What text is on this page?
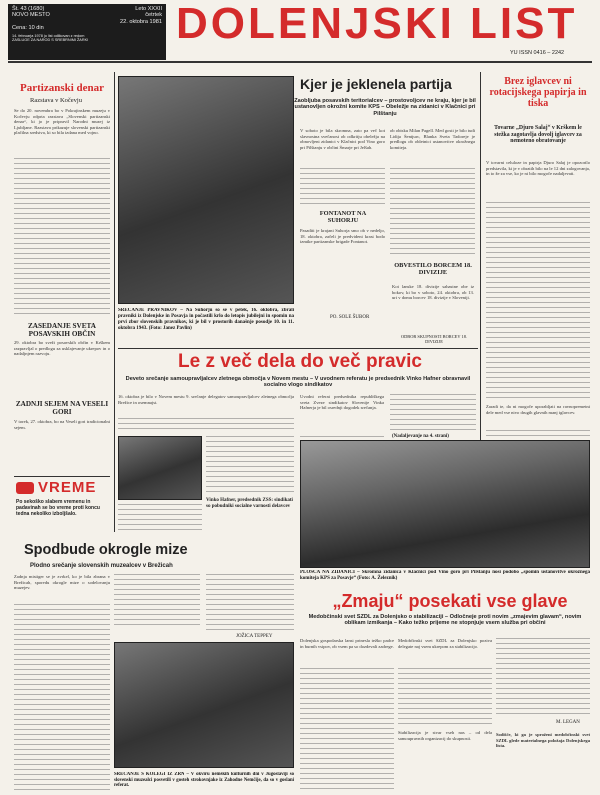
Št. 43 (1680)	Leto XXXII
NOVO MESTO	četrtek
22. oktobra 1981
Cena: 10 din
14. februarja 1978 jo list odlikovan z redom
ZASLUGE ZA NAROD S SREBRNIMI ŽARKI	DOLENJSKI LIST
YU ISSN 0416 – 2242
Partizanski denar
Razstava v Kočevju
Se do 20. novembra bo v Pokrajinskem muzeju v Kočevju odprta razstava „Slovenski partizanski denar“, ki jo je pripravil Narodni muzej iz Ljubljane. Razstava prikazuje slovenski partizanski plačilna sredstva, ki so bila izdana med vojno.
ZASEDANJE SVETA POSAVSKIH OBČIN
29. oktobra bo sveži posavskih občin v Krškem razpravljal o predlogu za usklajevanje ukrepov in o nadaljnjem razvoju.
ZADNJI SEJEM NA VESELI GORI
V torek, 27. oktobra, bo na Veseli gori tradicionalni sejem.
VREME
Po sekoško slabem vremenu in padavinah se bo vreme proti koncu tedna nekoliko izboljšalo.
Kjer je jeklenela partija
Zaobljuba posavskih teritorialcev – prostovoljcev ne kraju, kjer je bil ustanovljen okrožni komite KPS – Obeležje na zidanici v Klačnici pri Pilštanju
V soboto je bila skromna, zato pa več kot slavnostna svečanost ob odkritju obeležja na obnovljeni zidanici v Klačnici pod Vino goro pri Pilštanju v občini Šmarje pri Jelšah.
ob obisku Milan Pagell. Med gosti je bilo tudi Lidija Šentjurc, Blanka Sveta Tadoreje je predlogu ob obletnici ustanovitve okrožnega komiteja.
FONTANOT NA SUHORJU
Pasaditi je krajani Suhorja smo ob v nedeljo, 18. oktobra, začeli je predvideni krast bodo izmike partizanske brigade Fontanot.
PO. SOLE ŠUBOR
SREČANJE PRAVNIKOV – Na Suhorju so se v petek, 16. oktobra, zbrali pravniki iz Dolenjske in Posavja in počastili krlo do letopis jubilejni in spomin na prvi zbor slovenskih pravnikov, ki je bil v prostorih današnje posodje 10. in 11. oktobra 1943. (Foto: Janez Pavlin)
OBVESTILO BORCEM 18. DIVIZIJE
Kot lanske 18. divizije sahastne obe iz bokov, ki bo v soboto, 24. oktobra, ob 13. uri v domu borcev 18. divizije v Sloveniji.
ODBOR SKUPNOSTI BORCEV 18. DIVIZIJE
Brez iglavcev ni rotacijskega papirja in tiska
Tovarne „Djuro Salaj“ v Krškem le stežka zagotavlja dovolj iglavcev za nemoteno obratovanje
V tovarni celuloze in papirja Djuro Salaj je opozorilo predstavila, ki je v obratih bilo na le 12 dni zalogovanja, in to že za vse, ko je ni bilo mogoče nadaljevati.
Zaradi te, da ni mogoče uporabljati na ravnopremetni dele med vse nivo drugih glavnih manj iglavcev.
Le z več dela do več pravic
Deveto srečanje samoupravljalcev zletnega območja v Novem mestu – V uvodnem referatu je predsednik Vinko Hafner obravnavil socialno vlogo sindikatov
16. oktobra je bilo v Novem mestu 9. srečanje delegatov samoupravljalcev zletnega območja Brežice in osemnajst.
Vinko Hafner, predsednik ZSS: sindikati so pobudniki socialne varnosti delavcev
Uvodni referat predsednika republiškega sveta Zveze sindikatov Slovenije Vinka Hafnerja je bil osrednji dogodek srečanja.
(Nadaljevanje na 4. strani)
PLOŠČA NA ZIDANICI – Skromna zidanica v Klačnici pod Vino goro pri Pilštanju nosi podobo „spomin ustanovitve okrožnega komiteja KPS za Posavje“ (Foto: A. Železnik)
Spodbude okrogle mize
Plodno srečanje slovenskih muzealcev v Brežicah
Zadnja mistiger se je zvrkel, ko je bila zbrana v Brežicah, sporedu okrogle mize o sodelovanju muzejev.
JOŽICA TEPPEY
SREČANJE S KOLEGI IZ ZRN – V okviru nemških kulturnih dni v Jugoslaviji so slovenski muzealci posvetili v gosteh strokovnjake iz Zahodne Nemčije, da so v goslani referat.
„Zmaju“ posekati vse glave
Medobčinski svet SZDL za Dolenjsko o stabilizaciji – Odločneje proti novim „zmajevim glavam“, novim oblikam izmikanja – Kako težko prijeme ne stopnjuje vsem služba pri občini
Dolenjska gospodarska lansi prinesla težko padce in burnih vsipov, ob vsem pa so dozdevali zadrege.
Medobčinski svet SZDL za Dolenjsko poziva delegate naj vsem ukrepom za stabilizacijo.
Stabilizacija je stvar vseh nas – od dela samoupravnih organizacij do skupnosti.
M. LEGAN
Sodišče, ki ga je sproženi medobčinski svet SZDL glede materialnega položaja Dolenjskega lista.
